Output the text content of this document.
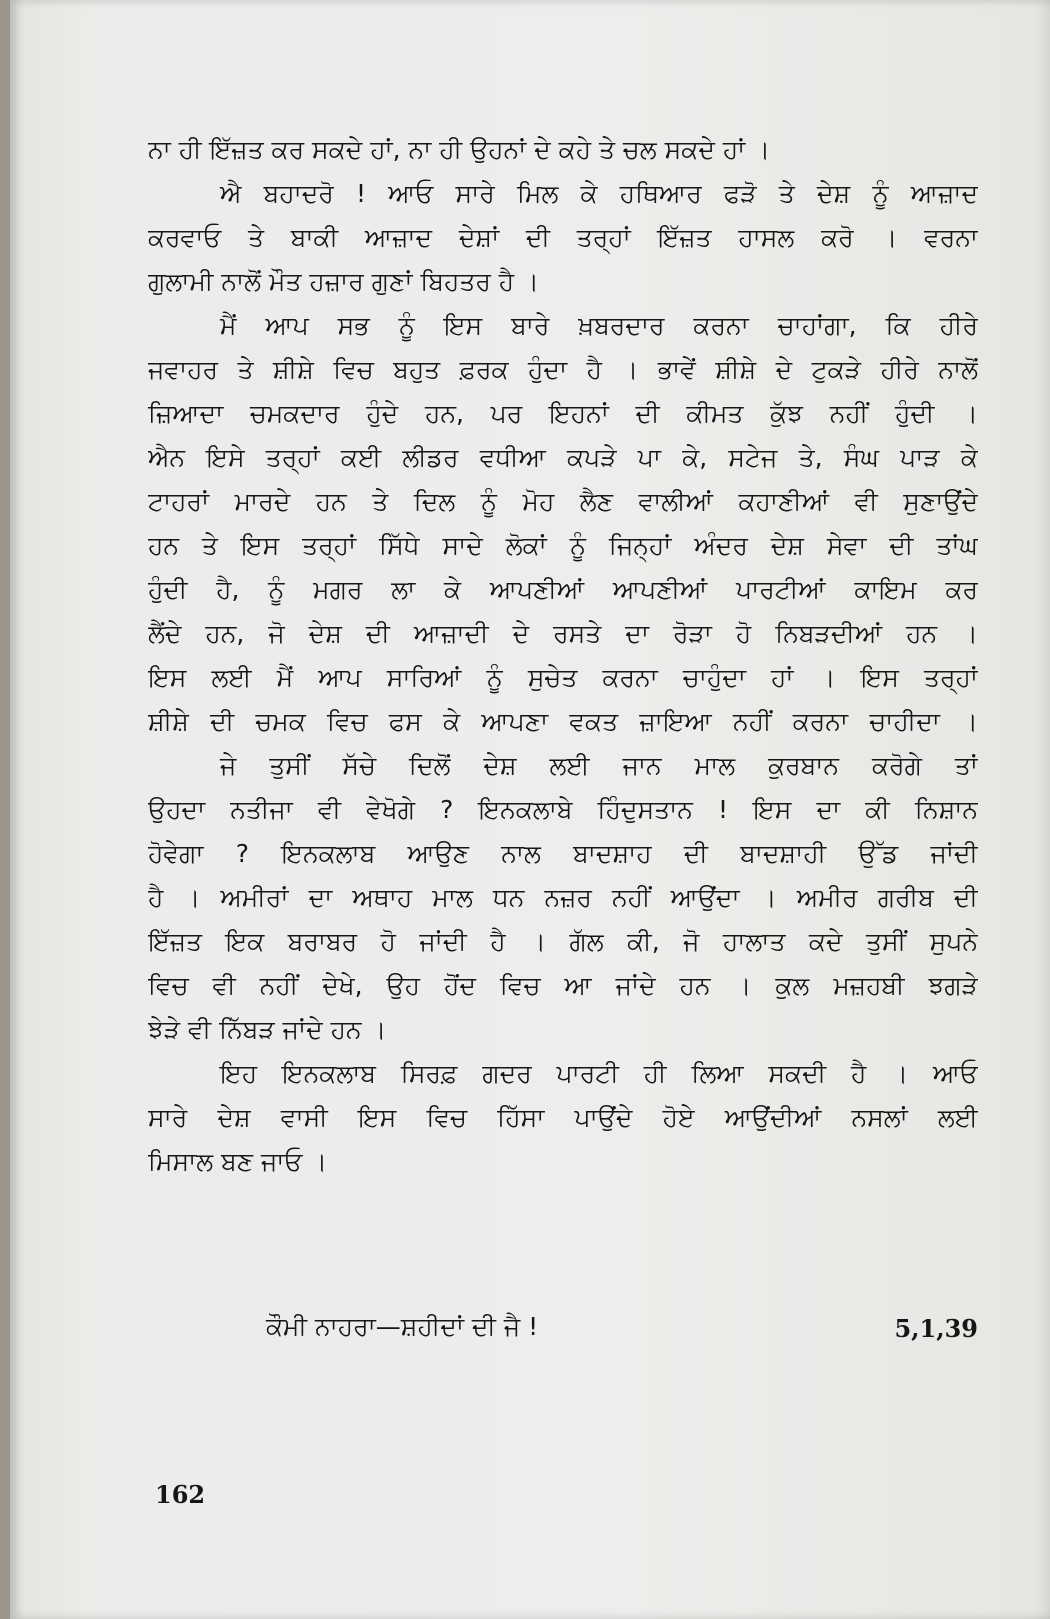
ਨਾ ਹੀ ਇੱਜ਼ਤ ਕਰ ਸਕਦੇ ਹਾਂ, ਨਾ ਹੀ ਉਹਨਾਂ ਦੇ ਕਹੇ ਤੇ ਚਲ ਸਕਦੇ ਹਾਂ ।
ਐ ਬਹਾਦਰੋ ! ਆਓ ਸਾਰੇ ਮਿਲ ਕੇ ਹਥਿਆਰ ਫੜੋ ਤੇ ਦੇਸ਼ ਨੂੰ ਆਜ਼ਾਦ
ਕਰਵਾਓ ਤੇ ਬਾਕੀ ਆਜ਼ਾਦ ਦੇਸ਼ਾਂ ਦੀ ਤਰ੍ਹਾਂ ਇੱਜ਼ਤ ਹਾਸਲ ਕਰੋ । ਵਰਨਾ
ਗੁਲਾਮੀ ਨਾਲੋਂ ਮੌਤ ਹਜ਼ਾਰ ਗੁਣਾਂ ਬਿਹਤਰ ਹੈ ।
ਮੈਂ ਆਪ ਸਭ ਨੂੰ ਇਸ ਬਾਰੇ ਖ਼ਬਰਦਾਰ ਕਰਨਾ ਚਾਹਾਂਗਾ, ਕਿ ਹੀਰੇ
ਜਵਾਹਰ ਤੇ ਸ਼ੀਸ਼ੇ ਵਿਚ ਬਹੁਤ ਫ਼ਰਕ ਹੁੰਦਾ ਹੈ । ਭਾਵੇਂ ਸ਼ੀਸ਼ੇ ਦੇ ਟੁਕੜੇ ਹੀਰੇ ਨਾਲੋਂ
ਜ਼ਿਆਦਾ ਚਮਕਦਾਰ ਹੁੰਦੇ ਹਨ, ਪਰ ਇਹਨਾਂ ਦੀ ਕੀਮਤ ਕੁੱਝ ਨਹੀਂ ਹੁੰਦੀ ।
ਐਨ ਇਸੇ ਤਰ੍ਹਾਂ ਕਈ ਲੀਡਰ ਵਧੀਆ ਕਪੜੇ ਪਾ ਕੇ, ਸਟੇਜ ਤੇ, ਸੰਘ ਪਾੜ ਕੇ
ਟਾਹਰਾਂ ਮਾਰਦੇ ਹਨ ਤੇ ਦਿਲ ਨੂੰ ਮੋਹ ਲੈਣ ਵਾਲੀਆਂ ਕਹਾਣੀਆਂ ਵੀ ਸੁਣਾਉਂਦੇ
ਹਨ ਤੇ ਇਸ ਤਰ੍ਹਾਂ ਸਿੱਧੇ ਸਾਦੇ ਲੋਕਾਂ ਨੂੰ ਜਿਨ੍ਹਾਂ ਅੰਦਰ ਦੇਸ਼ ਸੇਵਾ ਦੀ ਤਾਂਘ
ਹੁੰਦੀ ਹੈ, ਨੂੰ ਮਗਰ ਲਾ ਕੇ ਆਪਣੀਆਂ ਆਪਣੀਆਂ ਪਾਰਟੀਆਂ ਕਾਇਮ ਕਰ
ਲੈਂਦੇ ਹਨ, ਜੋ ਦੇਸ਼ ਦੀ ਆਜ਼ਾਦੀ ਦੇ ਰਸਤੇ ਦਾ ਰੋੜਾ ਹੋ ਨਿਬੜਦੀਆਂ ਹਨ ।
ਇਸ ਲਈ ਮੈਂ ਆਪ ਸਾਰਿਆਂ ਨੂੰ ਸੁਚੇਤ ਕਰਨਾ ਚਾਹੁੰਦਾ ਹਾਂ । ਇਸ ਤਰ੍ਹਾਂ
ਸ਼ੀਸ਼ੇ ਦੀ ਚਮਕ ਵਿਚ ਫਸ ਕੇ ਆਪਣਾ ਵਕਤ ਜ਼ਾਇਆ ਨਹੀਂ ਕਰਨਾ ਚਾਹੀਦਾ ।
ਜੇ ਤੁਸੀਂ ਸੱਚੇ ਦਿਲੋਂ ਦੇਸ਼ ਲਈ ਜਾਨ ਮਾਲ ਕੁਰਬਾਨ ਕਰੋਗੇ ਤਾਂ
ਉਹਦਾ ਨਤੀਜਾ ਵੀ ਵੇਖੋਗੇ ? ਇਨਕਲਾਬੇ ਹਿੰਦੁਸਤਾਨ ! ਇਸ ਦਾ ਕੀ ਨਿਸ਼ਾਨ
ਹੋਵੇਗਾ ? ਇਨਕਲਾਬ ਆਉਣ ਨਾਲ ਬਾਦਸ਼ਾਹ ਦੀ ਬਾਦਸ਼ਾਹੀ ਉੱਡ ਜਾਂਦੀ
ਹੈ । ਅਮੀਰਾਂ ਦਾ ਅਥਾਹ ਮਾਲ ਧਨ ਨਜ਼ਰ ਨਹੀਂ ਆਉਂਦਾ । ਅਮੀਰ ਗਰੀਬ ਦੀ
ਇੱਜ਼ਤ ਇਕ ਬਰਾਬਰ ਹੋ ਜਾਂਦੀ ਹੈ । ਗੱਲ ਕੀ, ਜੋ ਹਾਲਾਤ ਕਦੇ ਤੁਸੀਂ ਸੁਪਨੇ
ਵਿਚ ਵੀ ਨਹੀਂ ਦੇਖੇ, ਉਹ ਹੋਂਦ ਵਿਚ ਆ ਜਾਂਦੇ ਹਨ । ਕੁਲ ਮਜ਼ਹਬੀ ਝਗੜੇ
ਝੇੜੇ ਵੀ ਨਿੱਬੜ ਜਾਂਦੇ ਹਨ ।
ਇਹ ਇਨਕਲਾਬ ਸਿਰਫ਼ ਗਦਰ ਪਾਰਟੀ ਹੀ ਲਿਆ ਸਕਦੀ ਹੈ । ਆਓ
ਸਾਰੇ ਦੇਸ਼ ਵਾਸੀ ਇਸ ਵਿਚ ਹਿੱਸਾ ਪਾਉਂਦੇ ਹੋਏ ਆਉਂਦੀਆਂ ਨਸਲਾਂ ਲਈ
ਮਿਸਾਲ ਬਣ ਜਾਓ ।
ਕੌਮੀ ਨਾਹਰਾ—ਸ਼ਹੀਦਾਂ ਦੀ ਜੈ !	5,1,39
162
